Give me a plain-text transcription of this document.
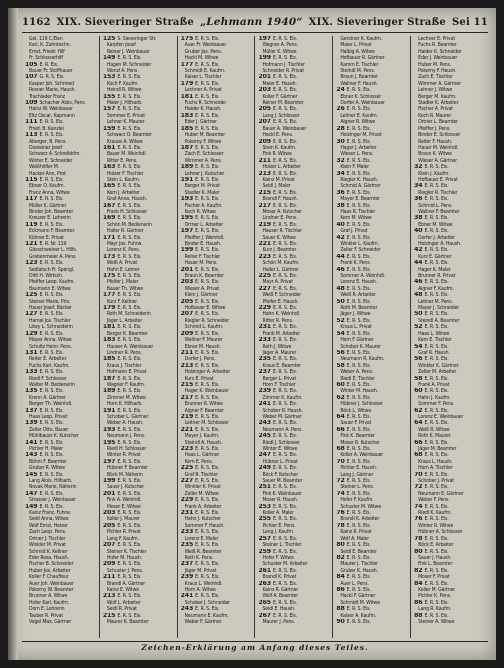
1162 XIX. Sieveringer Straße „Lehmann 1940“ XIX. Sieveringer Straße Sei 11
Gol. 119 C.Eien
Karl, K. Zahntechn.
Ernst, Friedr. Hilf
Fr. Schlosserhiff
105 E. R. Eis.
Bauer Fr. Stoffhauer
107 G. R. S. Eis.
Kasper Joh. Schmied
Rosner Marie, Haush.
Trachlader Franz
109 Schacher Alois, Pens.
Hainz W. Weinbauer
Eltz Oscar, Kapmann
111 E. R. S. Eis.
Fried. B. Kanzlei
113 E. R. S. Eis.
Aberger, B. Pens.
Dosteiner Josef
Schwarz A. Schreibkfm.
Winter E. Schneider
Weißhöfler M.
Hacker Ann, Prof.
115 E. R. S. Eis.
Ebner O. Kaufm.
Franz Anna, Witwe
117 E. R. S. Eis.
Müller K. Gärtner
Binder Joh. Beamter
Kreuzer E. Lehrerin
119 E. R. S. Eis.
Eckmann F. Beamter
Kühner E. Privat
121 E. R. Nr. 119
Gösschweiner L. Hilfs.
Grabenmeier A. Pens.
123 E. R. S. Eis.
Sedlatsch Fr. Spengl.
Dittl H. Wirtsch.
Pfeiffer Leop. Kaufm.
Baumann E. Witwe
125 E. R. S. Eis.
Steiner Marie, Priv.
Hauer Josef, Bäcker
127 E. R. S. Eis.
Hamel Jos. Tischler
Löwy L. Schneiderin
129 E. R. S. Eis.
Mayer Anna, Witwe
Schultz Heinr. Pens.
131 E. R. S. Eis.
Reiter E. Arbeiter
Fuchs Karl, Kaufm.
133 E. R. S. Eis.
Riedl F. Schlosser
Walter M. Bedienerin
135 E. R. S. Eis.
Krenn A. Gärtner
Berger Th. Weinhdl.
137 E. R. S. Eis.
Haas Leop. Privat
139 E. R. S. Eis.
Zeller Otto, Bauer
Mühlbauer K. Kutscher
141 E. R. S. Eis.
Pichler H. Maler
143 E. R. S. Eis.
Böhm F. Beamter
Gruber R. Witwe
145 E. R. S. Eis.
Lang Alois, Hilfsarb.
Novak Marie, Näherin
147 E. R. S. Eis.
Strasser J. Weinbauer
149 E. R. S. Eis.
Kainz Franz, Fuhrw.
Seidl Anna, Witwe
Wolf Ernst, Heizer
Zach Leop. Pens.
Ortner J. Tischler
Winkler M. Privat
Schmid K. Kellner
Eder Rosa, Haush.
Fischer B. Schneider
Huber Jos. Arbeiter
Koller F. Chauffeur
Auer Joh. Weinbauer
Pokorny W. Beamter
Brunner A. Witwe
Hofer Karl, Kaufm.
Dorn E. Lehrerin
Tauber R. Privat
Vogel Max, Gärtner
125 S. Sieveringer Str.
Karpfen Josef
Reiner J. Weinbauer
149 E. R. S. Eis.
Hagen M. Schneider
Wenzl A. Pens.
153 E. R. S. Eis.
Koch F. Kaufm.
Heindl R. Witwe
155 E. R. S. Eis.
Maier J. Hilfsarb.
157 E. R. S. Eis.
Sommer E. Privat
Lehner K. Maurer
159 E. R. S. Eis.
Schwarz O. Beamter
Krause A. Witwe
161 E. R. S. Eis.
Bauer M. Weinhdl.
Ritter E. Pens.
163 E. R. S. Eis.
Holzer F. Tischler
Stein L. Kaufm.
165 E. R. S. Eis.
Kern J. Arbeiter
Graf Anna, Haush.
167 E. R. S. Eis.
Frank H. Schlosser
169 E. R. S. Eis.
Schön M. Bedienerin
Haller R. Gärtner
171 E. R. S. Eis.
Mayr Jos. Fuhrw.
Lorenz K. Pens.
173 E. R. S. Eis.
Weiß A. Privat
Hahn E. Lehrer
175 E. R. S. Eis.
Pfeifer J. Maler
Bauer Th. Witwe
177 E. R. S. Eis.
Kurz F. Kellner
179 E. R. S. Eis.
Roth M. Schneiderin
Jäger L. Arbeiter
181 E. R. S. Eis.
Berger K. Beamter
183 E. R. S. Eis.
Hauser A. Weinbauer
Lindner R. Pens.
185 E. R. S. Eis.
Kraus J. Tischler
Hofmann E. Privat
187 E. R. S. Eis.
Wagner F. Kaufm.
189 E. R. S. Eis.
Zimmer M. Witwe
Horn K. Hilfsarb.
191 E. R. S. Eis.
Schober L. Gärtner
Weber A. Haush.
193 E. R. S. Eis.
Neumann J. Pens.
195 E. R. S. Eis.
Riedl H. Schlosser
Winter R. Privat
197 E. R. S. Eis.
Hübner F. Beamter
Böck M. Näherin
199 E. R. S. Eis.
Sauer J. Kutscher
201 E. R. S. Eis.
Fink A. Weinhdl.
Moser E. Witwe
203 E. R. S. Eis.
Koller J. Maurer
205 E. R. S. Eis.
Pichler R. Privat
Lang F. Kaufm.
207 E. R. S. Eis.
Steiner K. Tischler
Hofer M. Haush.
209 E. R. S. Eis.
Schuster J. Pens.
211 E. R. S. Eis.
Brandl A. Gärtner
Kainz E. Witwe
213 E. R. S. Eis.
Wolf L. Arbeiter
Seidl R. Privat
215 E. R. S. Eis.
Maurer K. Beamter
175 E. R. S. Eis.
Auer Fr. Weinbauer
Gruber Jos. Pens.
Hackl M. Witwe
177 E. R. S. Eis.
Schmidt E. Kaufm.
Kaiser L. Tischler
179 E. R. S. Eis.
Lechner A. Privat
181 E. R. S. Eis.
Fuchs R. Schneider
Haider K. Haush.
183 E. R. S. Eis.
Eder J. Gärtner
185 E. R. S. Eis.
Huber M. Beamter
Pokorny F. Witwe
187 E. R. S. Eis.
Zach E. Schlosser
Wimmer A. Pens.
189 E. R. S. Eis.
Lehner J. Kutscher
191 E. R. S. Eis.
Berger M. Privat
Stadler K. Maler
193 E. R. S. Eis.
Fischer A. Kaufm.
Koch R. Witwe
195 E. R. S. Eis.
Ortner L. Arbeiter
197 E. R. S. Eis.
Pfeiffer J. Weinhdl.
Binder E. Haush.
199 E. R. S. Eis.
Reiter F. Tischler
Hauer M. Pens.
201 E. R. S. Eis.
Braun K. Beamter
203 E. R. S. Eis.
Wieser A. Privat
Klein J. Gärtner
205 E. R. S. Eis.
Hofbauer E. Witwe
207 E. R. S. Eis.
Riegler R. Schneider
Schmid L. Kaufm.
209 E. R. S. Eis.
Wallner F. Maurer
Ebner M. Haush.
211 E. R. S. Eis.
Dorfer J. Pens.
213 E. R. S. Eis.
Holzinger A. Arbeiter
Kurz E. Privat
215 E. R. S. Eis.
Hager K. Weinbauer
217 E. R. S. Eis.
Brunner R. Witwe
Aigner F. Beamter
219 E. R. S. Eis.
Leitner M. Schlosser
221 E. R. S. Eis.
Mayer J. Kaufm.
Steindl A. Haush.
223 E. R. S. Eis.
Haas L. Gärtner
Kern E. Pens.
225 E. R. S. Eis.
Graf R. Tischler
227 E. R. S. Eis.
Winkler K. Privat
Zeller M. Witwe
229 E. R. S. Eis.
Frank A. Arbeiter
231 E. R. S. Eis.
Hahn J. Kutscher
Sommer F. Haush.
233 E. R. S. Eis.
Lorenz E. Maler
235 E. R. S. Eis.
Weiß R. Beamter
Roth K. Pens.
237 E. R. S. Eis.
Jäger M. Privat
239 E. R. S. Eis.
Kraus L. Weinhdl.
Horn A. Witwe
241 E. R. S. Eis.
Schober J. Schneider
243 E. R. S. Eis.
Neumann E. Kaufm.
Weber F. Gärtner
197 E. R. S. Eis.
Wagner A. Pens.
Müller K. Witwe
199 E. R. S. Eis.
Hofmann J. Tischler
Schneider R. Privat
201 E. R. S. Eis.
Maier E. Haush.
203 E. R. S. Eis.
Koller F. Gärtner
Reiner M. Beamter
205 E. R. S. Eis.
Lang J. Schlosser
207 E. R. S. Eis.
Bauer A. Weinbauer
Hackl E. Pens.
209 E. R. S. Eis.
Stein K. Kaufm.
Fink R. Witwe
211 E. R. S. Eis.
Holzer L. Arbeiter
213 E. R. S. Eis.
Kainz M. Privat
Seidl J. Maler
215 E. R. S. Eis.
Brandl F. Haush.
217 E. R. S. Eis.
Moser A. Kutscher
Lindner E. Pens.
219 E. R. S. Eis.
Hauser R. Tischler
Sauer K. Witwe
221 E. R. S. Eis.
Kurz J. Beamter
223 E. R. S. Eis.
Schön M. Kaufm.
Haller L. Gärtner
225 E. R. S. Eis.
Mayr A. Privat
227 E. R. S. Eis.
Weiß F. Schneider
Pfeifer E. Haush.
229 E. R. S. Eis.
Hahn K. Weinhdl.
Ritter R. Pens.
231 E. R. S. Eis.
Frank M. Arbeiter
233 E. R. S. Eis.
Roth J. Witwe
Jäger A. Maurer
235 E. R. S. Eis.
Kraus E. Beamter
237 E. R. S. Eis.
Berger L. Privat
Horn F. Tischler
239 E. R. S. Eis.
Zimmer K. Kaufm.
241 E. R. S. Eis.
Schober R. Haush.
Weber M. Gärtner
243 E. R. S. Eis.
Neumann A. Pens.
245 E. R. S. Eis.
Riedl J. Schlosser
Winter E. Witwe
247 E. R. S. Eis.
Hübner L. Privat
249 E. R. S. Eis.
Böck F. Kutscher
Sauer M. Beamter
251 E. R. S. Eis.
Fink K. Weinbauer
Moser R. Haush.
253 E. R. S. Eis.
Koller A. Maler
255 E. R. S. Eis.
Pichler E. Pens.
Lang J. Kaufm.
257 E. R. S. Eis.
Steiner L. Tischler
259 E. R. S. Eis.
Hofer F. Witwe
Schuster M. Arbeiter
261 E. R. S. Eis.
Brandl K. Privat
263 E. R. S. Eis.
Kainz R. Gärtner
Wolf A. Beamter
265 E. R. S. Eis.
Seidl E. Haush.
267 E. R. S. Eis.
Maurer J. Pens.
Gerstner K. Kaufm.
Maier L. Privat
Halbig A. Witwe
Hofbauer R. Gärtner
Kamm E. Tischler
Steindl M. Pens.
Braun J. Beamter
Wallner F. Haush.
24 E. R. S. Eis.
Ebner K. Schlosser
Dorfer A. Weinbauer
26 E. R. S. Eis.
Leitner E. Kaufm.
Aigner R. Witwe
28 E. R. S. Eis.
Holzinger M. Privat
30 E. R. S. Eis.
Hager J. Arbeiter
Wieser L. Pens.
32 E. R. S. Eis.
Klein F. Maler
34 E. R. S. Eis.
Riegler K. Haush.
Schmid A. Gärtner
36 E. R. S. Eis.
Mayer E. Beamter
38 E. R. S. Eis.
Haas R. Tischler
Kern M. Witwe
40 E. R. S. Eis.
Graf J. Privat
42 E. R. S. Eis.
Winkler L. Kaufm.
Zeller F. Schneider
44 E. R. S. Eis.
Frank K. Pens.
46 E. R. S. Eis.
Sommer A. Weinhdl.
Lorenz E. Haush.
48 E. R. S. Eis.
Weiß R. Arbeiter
50 E. R. S. Eis.
Roth M. Beamter
Jäger J. Witwe
52 E. R. S. Eis.
Kraus L. Privat
54 E. R. S. Eis.
Horn F. Gärtner
Schober K. Maurer
56 E. R. S. Eis.
Neumann R. Kaufm.
58 E. R. S. Eis.
Weber A. Pens.
Riedl E. Tischler
60 E. R. S. Eis.
Winter M. Haush.
62 E. R. S. Eis.
Hübner J. Schlosser
Böck L. Witwe
64 E. R. S. Eis.
Sauer F. Privat
66 E. R. S. Eis.
Fink K. Beamter
Moser R. Kutscher
68 E. R. S. Eis.
Koller A. Weinbauer
70 E. R. S. Eis.
Pichler E. Haush.
Lang J. Gärtner
72 E. R. S. Eis.
Steiner L. Pens.
74 E. R. S. Eis.
Hofer F. Kaufm.
Schuster M. Witwe
76 E. R. S. Eis.
Brandl K. Arbeiter
78 E. R. S. Eis.
Kainz R. Privat
Wolf A. Maler
80 E. R. S. Eis.
Seidl E. Beamter
82 E. R. S. Eis.
Maurer J. Tischler
Gruber K. Haush.
84 E. R. S. Eis.
Auer L. Pens.
86 E. R. S. Eis.
Hackl F. Gärtner
Schmidt M. Witwe
88 E. R. S. Eis.
Kaiser A. Kaufm.
90 E. R. S. Eis.
Lechner E. Privat
Fuchs R. Beamter
Haider K. Schneider
Eder J. Weinbauer
Huber M. Pens.
Pokorny F. Haush.
Zach E. Tischler
Wimmer A. Gärtner
Lehner J. Witwe
Berger M. Kaufm.
Stadler K. Arbeiter
Fischer A. Privat
Koch R. Maurer
Ortner L. Beamter
Pfeiffer J. Pens.
Binder E. Schlosser
Reiter F. Haush.
Hauer M. Weinhdl.
Braun K. Witwe
Wieser A. Gärtner
32 E. R. S. Eis.
Klein J. Kaufm.
Hofbauer E. Privat
34 E. R. S. Eis.
Riegler R. Tischler
36 E. R. S. Eis.
Schmid L. Pens.
Wallner F. Beamter
38 E. R. S. Eis.
Ebner M. Witwe
40 E. R. S. Eis.
Dorfer J. Arbeiter
Holzinger A. Haush.
42 E. R. S. Eis.
Kurz E. Gärtner
44 E. R. S. Eis.
Hager K. Maler
Brunner R. Privat
46 E. R. S. Eis.
Aigner F. Kaufm.
48 E. R. S. Eis.
Leitner M. Pens.
Mayer J. Schneider
50 E. R. S. Eis.
Steindl A. Beamter
52 E. R. S. Eis.
Haas L. Witwe
Kern E. Tischler
54 E. R. S. Eis.
Graf R. Haush.
56 E. R. S. Eis.
Winkler K. Gärtner
Zeller M. Arbeiter
58 E. R. S. Eis.
Frank A. Privat
60 E. R. S. Eis.
Hahn J. Kaufm.
Sommer F. Pens.
62 E. R. S. Eis.
Lorenz E. Weinbauer
64 E. R. S. Eis.
Weiß R. Witwe
Roth K. Maurer
66 E. R. S. Eis.
Jäger M. Beamter
68 E. R. S. Eis.
Kraus L. Haush.
Horn A. Tischler
70 E. R. S. Eis.
Schober J. Privat
72 E. R. S. Eis.
Neumann E. Gärtner
Weber F. Pens.
74 E. R. S. Eis.
Riedl K. Kaufm.
76 E. R. S. Eis.
Winter R. Witwe
Hübner A. Schlosser
78 E. R. S. Eis.
Böck E. Arbeiter
80 E. R. S. Eis.
Sauer J. Haush.
Fink L. Beamter
82 E. R. S. Eis.
Moser F. Privat
84 E. R. S. Eis.
Koller M. Gärtner
Pichler K. Pens.
86 E. R. S. Eis.
Lang R. Kaufm.
88 E. R. S. Eis.
Steiner A. Witwe
Zeichen-Erklärung am Anfang dieses Teiles.
